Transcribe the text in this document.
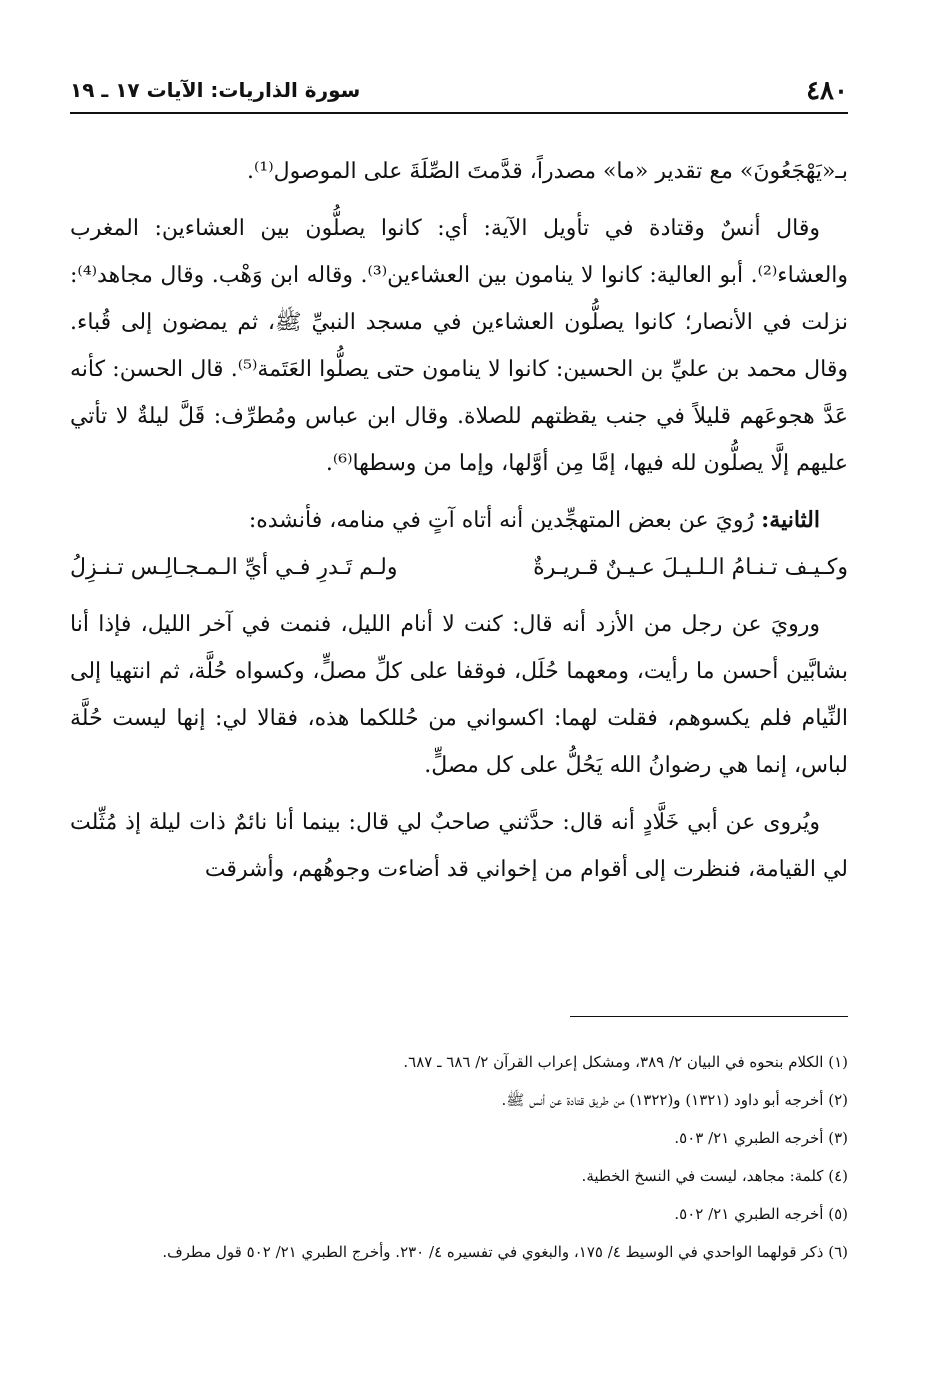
٤٨٠
سورة الذاريات: الآيات ١٧ ـ ١٩

بـ«يَهْجَعُونَ» مع تقدير «ما» مصدراً، قدَّمتَ الصِّلَةَ على الموصول⁽¹⁾.

وقال أنسٌ وقتادة في تأويل الآية: أي: كانوا يصلُّون بين العشاءين: المغرب والعشاء⁽²⁾. أبو العالية: كانوا لا ينامون بين العشاءين⁽³⁾. وقاله ابن وَهْب. وقال مجاهد⁽⁴⁾: نزلت في الأنصار؛ كانوا يصلُّون العشاءين في مسجد النبيِّ ﷺ، ثم يمضون إلى قُباء. وقال محمد بن عليِّ بن الحسين: كانوا لا ينامون حتى يصلُّوا العَتَمة⁽⁵⁾. قال الحسن: كأنه عَدَّ هجوعَهم قليلاً في جنب يقظتهم للصلاة. وقال ابن عباس ومُطرِّف: قَلَّ ليلةٌ لا تأتي عليهم إلَّا يصلُّون لله فيها، إمَّا مِن أوَّلها، وإما من وسطها⁽⁶⁾.

الثانية: رُويَ عن بعض المتهجِّدين أنه أتاه آتٍ في منامه، فأنشده:

وكـيـف تـنـامُ الـلـيـلَ عـيـنٌ قـريـرةٌ
ولـم تَـدرِ فـي أيِّ الـمـجـالِـس تـنـزِلُ

ورويَ عن رجل من الأزد أنه قال: كنت لا أنام الليل، فنمت في آخر الليل، فإذا أنا بشابَّين أحسن ما رأيت، ومعهما حُلَل، فوقفا على كلِّ مصلٍّ، وكسواه حُلَّة، ثم انتهيا إلى النِّيام فلم يكسوهم، فقلت لهما: اكسواني من حُللكما هذه، فقالا لي: إنها ليست حُلَّة لباس، إنما هي رضوانُ الله يَحُلُّ على كل مصلٍّ.

ويُروى عن أبي خَلَّادٍ أنه قال: حدَّثني صاحبٌ لي قال: بينما أنا نائمٌ ذات ليلة إذ مُثِّلت لي القيامة، فنظرت إلى أقوام من إخواني قد أضاءت وجوهُهم، وأشرقت

(١) الكلام بنحوه في البيان ٢/ ٣٨٩، ومشكل إعراب القرآن ٢/ ٦٨٦ ـ ٦٨٧.

(٢) أخرجه أبو داود (١٣٢١) و(١٣٢٢) من طريق قتادة عن أنس ﷺ.

(٣) أخرجه الطبري ٢١/ ٥٠٣.

(٤) كلمة: مجاهد، ليست في النسخ الخطية.

(٥) أخرجه الطبري ٢١/ ٥٠٢.

(٦) ذكر قولهما الواحدي في الوسيط ٤/ ١٧٥، والبغوي في تفسيره ٤/ ٢٣٠. وأخرج الطبري ٢١/ ٥٠٢ قول مطرف.
